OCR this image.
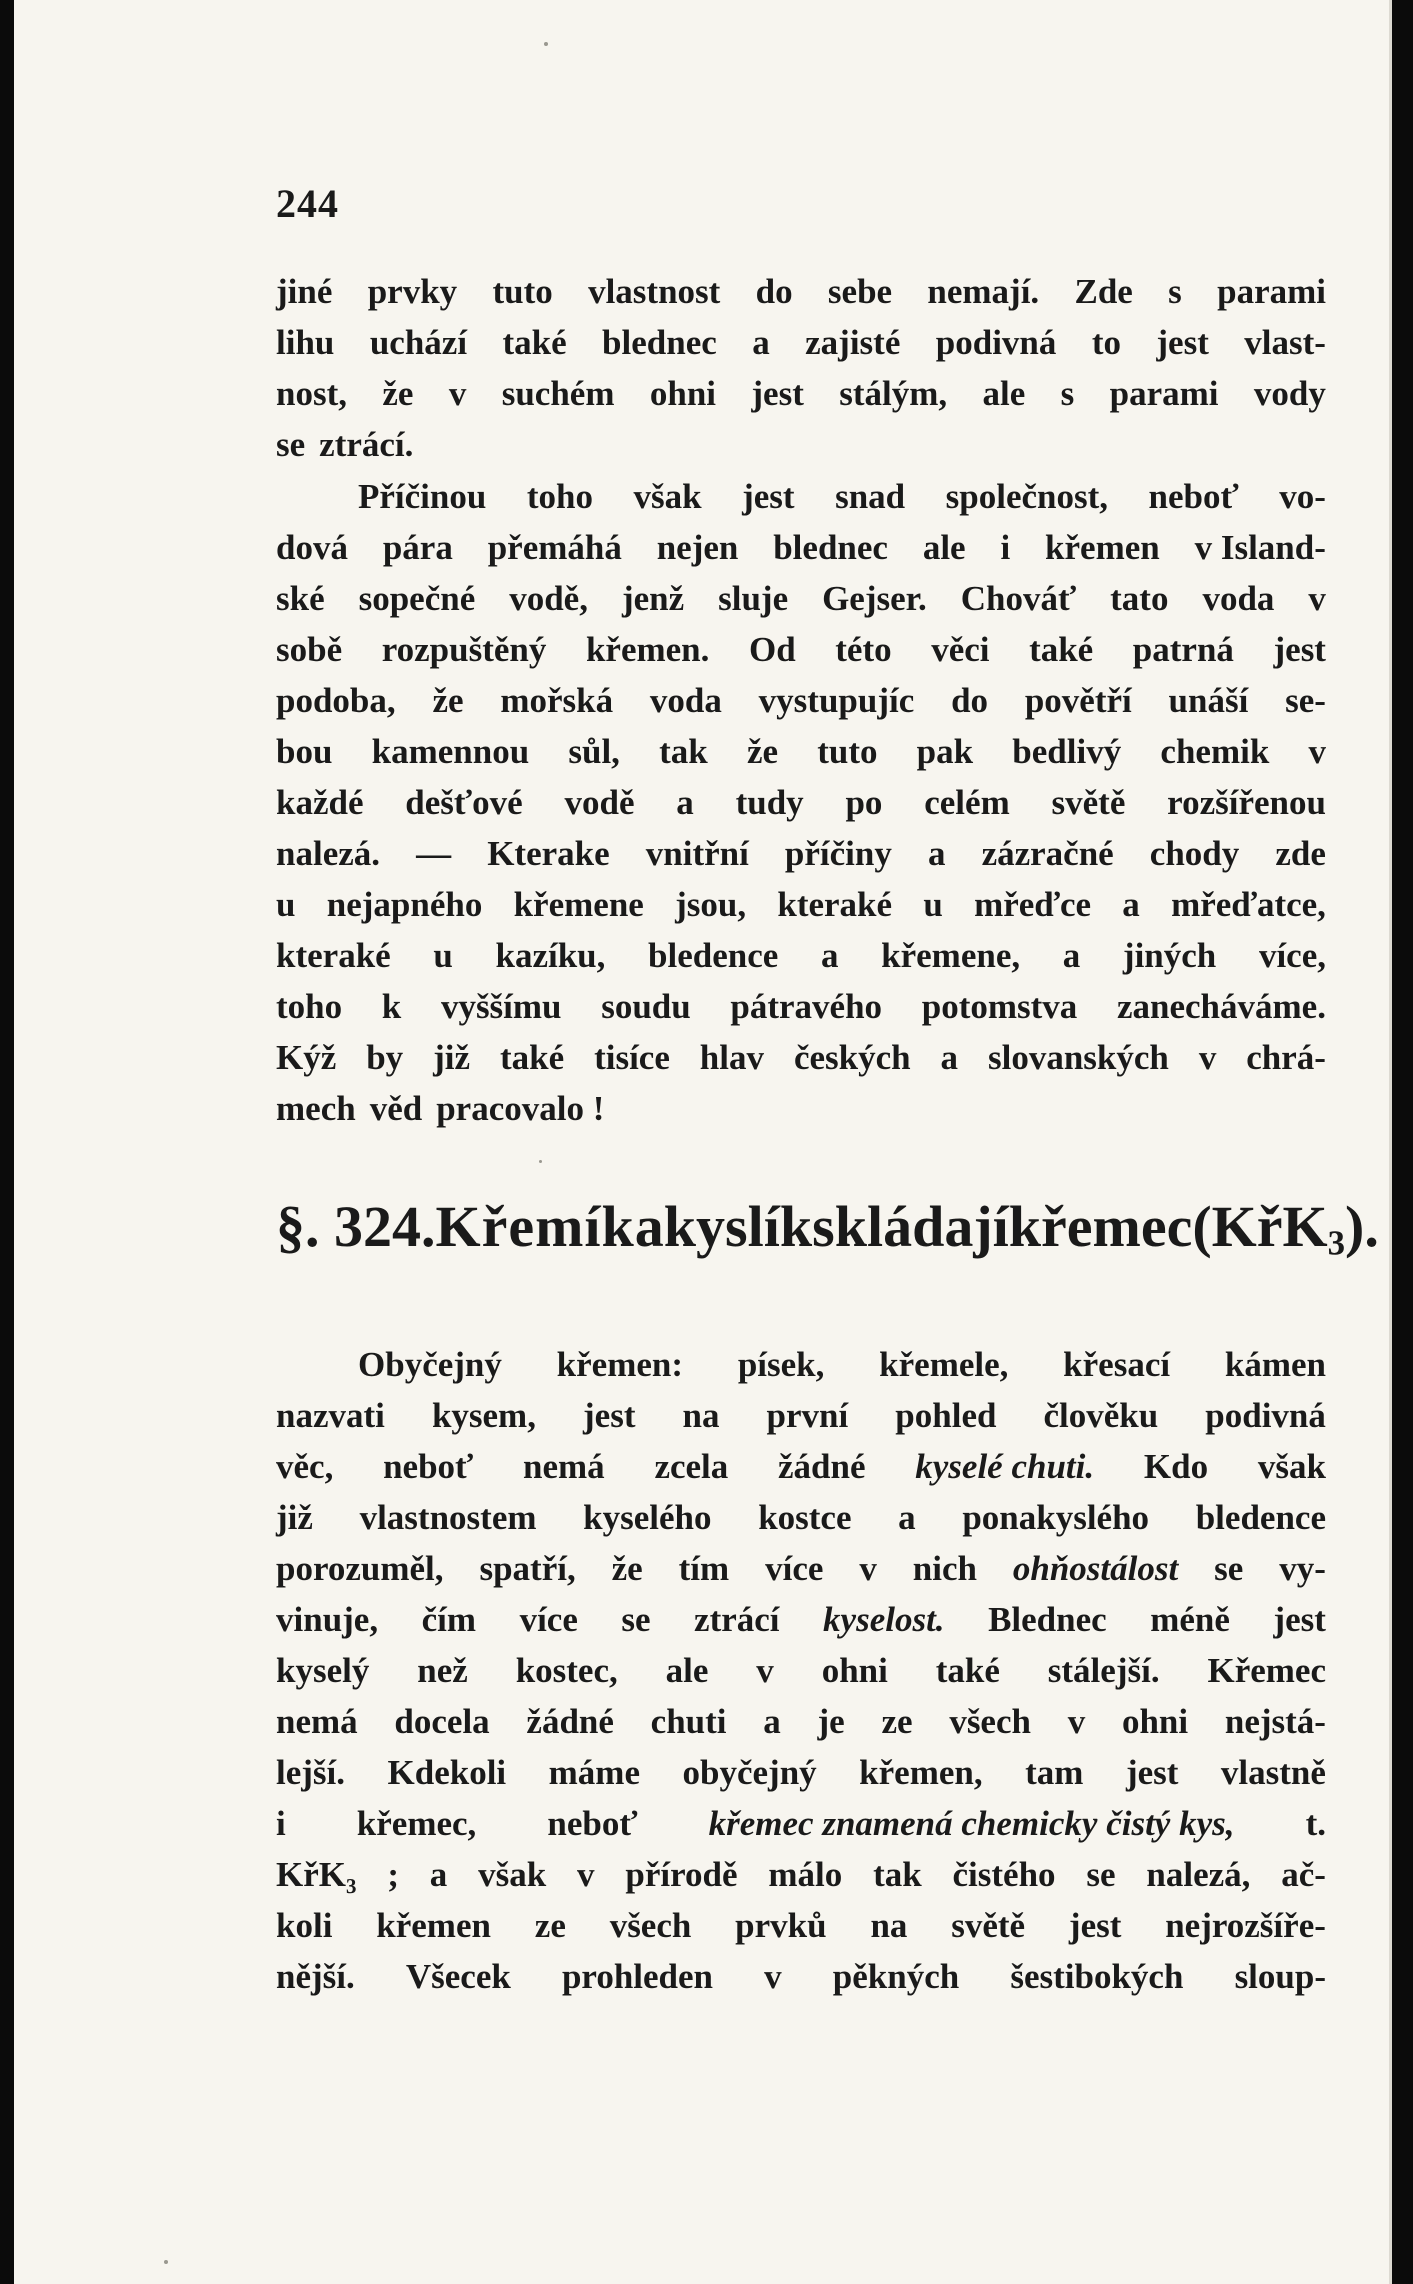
244
jiné prvky tuto vlastnost do sebe nemají. Zde s parami
lihu uchází také blednec a zajisté podivná to jest vlast-
nost, že v suchém ohni jest stálým, ale s parami vody
se ztrácí.
Příčinou toho však jest snad společnost, neboť vo-
dová pára přemáhá nejen blednec ale i křemen v Island-
ské sopečné vodě, jenž sluje Gejser. Chováť tato voda v
sobě rozpuštěný křemen. Od této věci také patrná jest
podoba, že mořská voda vystupujíc do povětří unáší se-
bou kamennou sůl, tak že tuto pak bedlivý chemik v
každé dešťové vodě a tudy po celém světě rozšířenou
nalezá. — Kterake vnitřní příčiny a zázračné chody zde
u nejapného křemene jsou, kteraké u mřeďce a mřeďatce,
kteraké u kazíku, bledence a křemene, a jiných více,
toho k vyššímu soudu pátravého potomstva zanecháváme.
Kýž by již také tisíce hlav českých a slovanských v chrá-
mech věd pracovalo !
§. 324. Křemík a kyslík skládají křemec (KřK$_3$).
Obyčejný křemen: písek, křemele, křesací kámen
nazvati kysem, jest na první pohled člověku podivná
věc, neboť nemá zcela žádné kyselé chuti. Kdo však
již vlastnostem kyselého kostce a ponakyslého bledence
porozuměl, spatří, že tím více v nich ohňostálost se vy-
vinuje, čím více se ztrácí kyselost. Blednec méně jest
kyselý než kostec, ale v ohni také stálejší. Křemec
nemá docela žádné chuti a je ze všech v ohni nejstá-
lejší. Kdekoli máme obyčejný křemen, tam jest vlastně
i křemec, neboť křemec znamená chemicky čistý kys, t.
KřK₃ ; a však v přírodě málo tak čistého se nalezá, ač-
koli křemen ze všech prvků na světě jest nejrozšíře-
nější. Všecek prohleden v pěkných šestibokých sloup-
